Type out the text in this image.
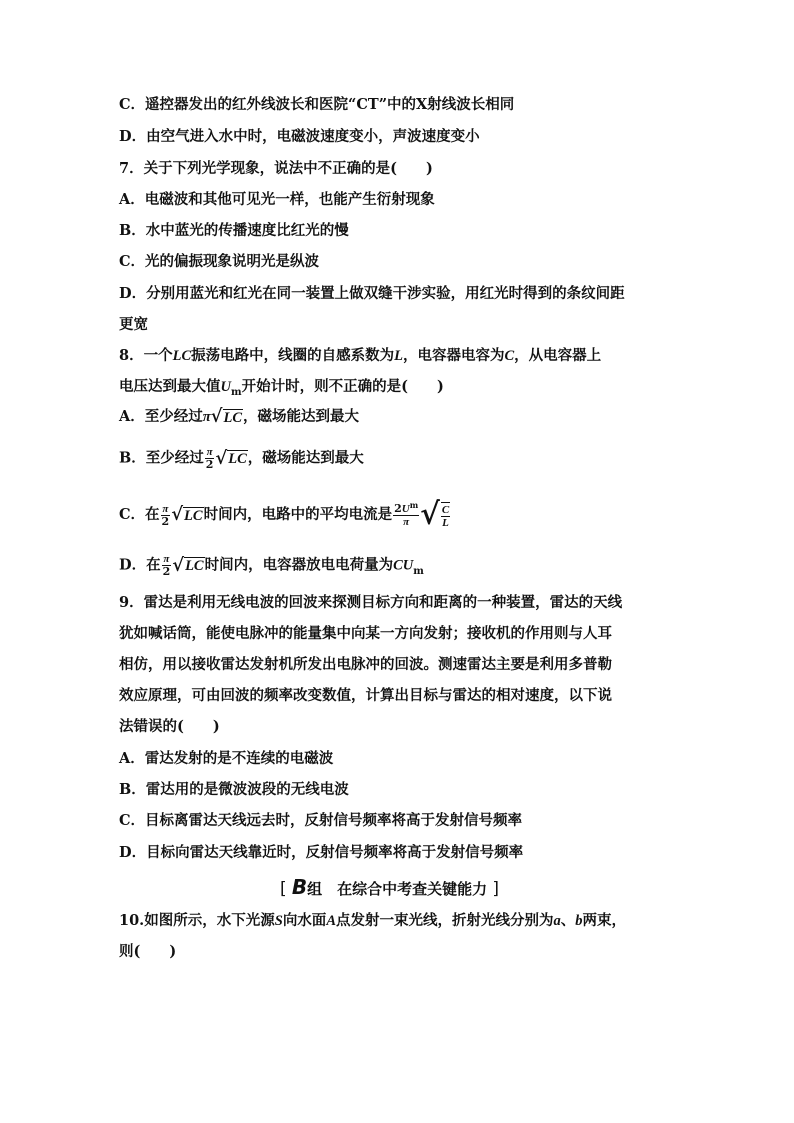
C．遥控器发出的红外线波长和医院“CT”中的X射线波长相同
D．由空气进入水中时，电磁波速度变小，声波速度变小
7．关于下列光学现象，说法中不正确的是(　　)
A．电磁波和其他可见光一样，也能产生衍射现象
B．水中蓝光的传播速度比红光的慢
C．光的偏振现象说明光是纵波
D．分别用蓝光和红光在同一装置上做双缝干涉实验，用红光时得到的条纹间距
更宽
8．一个LC振荡电路中，线圈的自感系数为L，电容器电容为C，从电容器上
电压达到最大值$U_m$开始计时，则不正确的是(　　)
A．至少经过π√LC，磁场能达到最大
B．至少经过 $\frac{\pi}{2} √LC$，磁场能达到最大
C．在 $\frac{\pi}{2} √LC$时间内，电路中的平均电流是 $\frac{2U^m}{\pi}$ √ $\frac{C}{L}$
D．在 $\frac{\pi}{2} √LC$时间内，电容器放电电荷量为$CU_m$
9．雷达是利用无线电波的回波来探测目标方向和距离的一种装置，雷达的天线
犹如喊话筒，能使电脉冲的能量集中向某一方向发射；接收机的作用则与人耳
相仿，用以接收雷达发射机所发出电脉冲的回波。测速雷达主要是利用多普勒
效应原理，可由回波的频率改变数值，计算出目标与雷达的相对速度，以下说
法错误的(　　)
A．雷达发射的是不连续的电磁波
B．雷达用的是微波波段的无线电波
C．目标离雷达天线远去时，反射信号频率将高于发射信号频率
D．目标向雷达天线靠近时，反射信号频率将高于发射信号频率
[ B组　在综合中考查关键能力 ]
10.如图所示，水下光源S向水面A点发射一束光线，折射光线分别为a、b两束，
则(　　)
